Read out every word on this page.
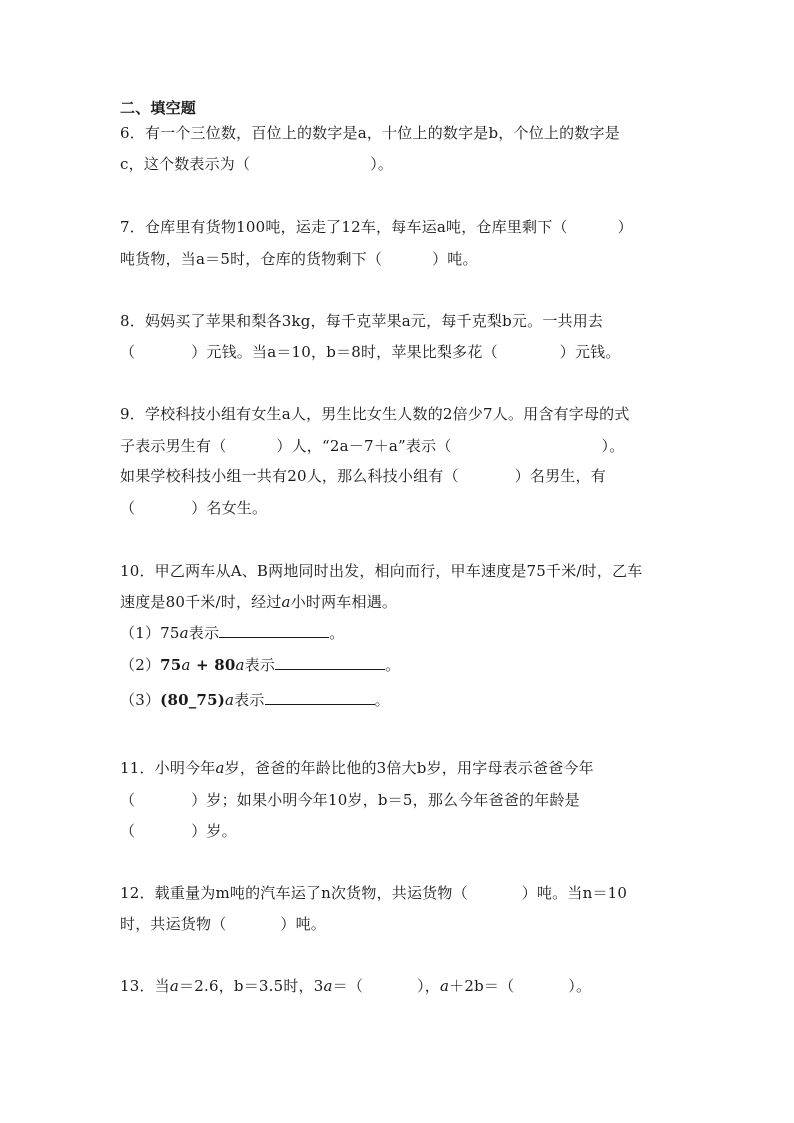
二、填空题
6．有一个三位数，百位上的数字是a，十位上的数字是b，个位上的数字是
c，这个数表示为（	）。
7．仓库里有货物100吨，运走了12车，每车运a吨，仓库里剩下（	）
吨货物，当a＝5时，仓库的货物剩下（	）吨。
8．妈妈买了苹果和梨各3kg，每千克苹果a元，每千克梨b元。一共用去
（	）元钱。当a＝10，b＝8时，苹果比梨多花（	）元钱。
9．学校科技小组有女生a人，男生比女生人数的2倍少7人。用含有字母的式
子表示男生有（	）人，“2a－7＋a”表示（	）。
如果学校科技小组一共有20人，那么科技小组有（	）名男生，有
（	）名女生。
10．甲乙两车从A、B两地同时出发，相向而行，甲车速度是75千米/时，乙车
速度是80千米/时，经过a小时两车相遇。
（1）75a表示	。
（2）75a + 80a表示	。
（3）(80_75)a表示	。
11．小明今年a岁，爸爸的年龄比他的3倍大b岁，用字母表示爸爸今年
（	）岁；如果小明今年10岁，b＝5，那么今年爸爸的年龄是
（	）岁。
12．载重量为m吨的汽车运了n次货物，共运货物（	）吨。当n＝10
时，共运货物（	）吨。
13．当a＝2.6，b＝3.5时，3a＝（	），a＋2b＝（	）。
